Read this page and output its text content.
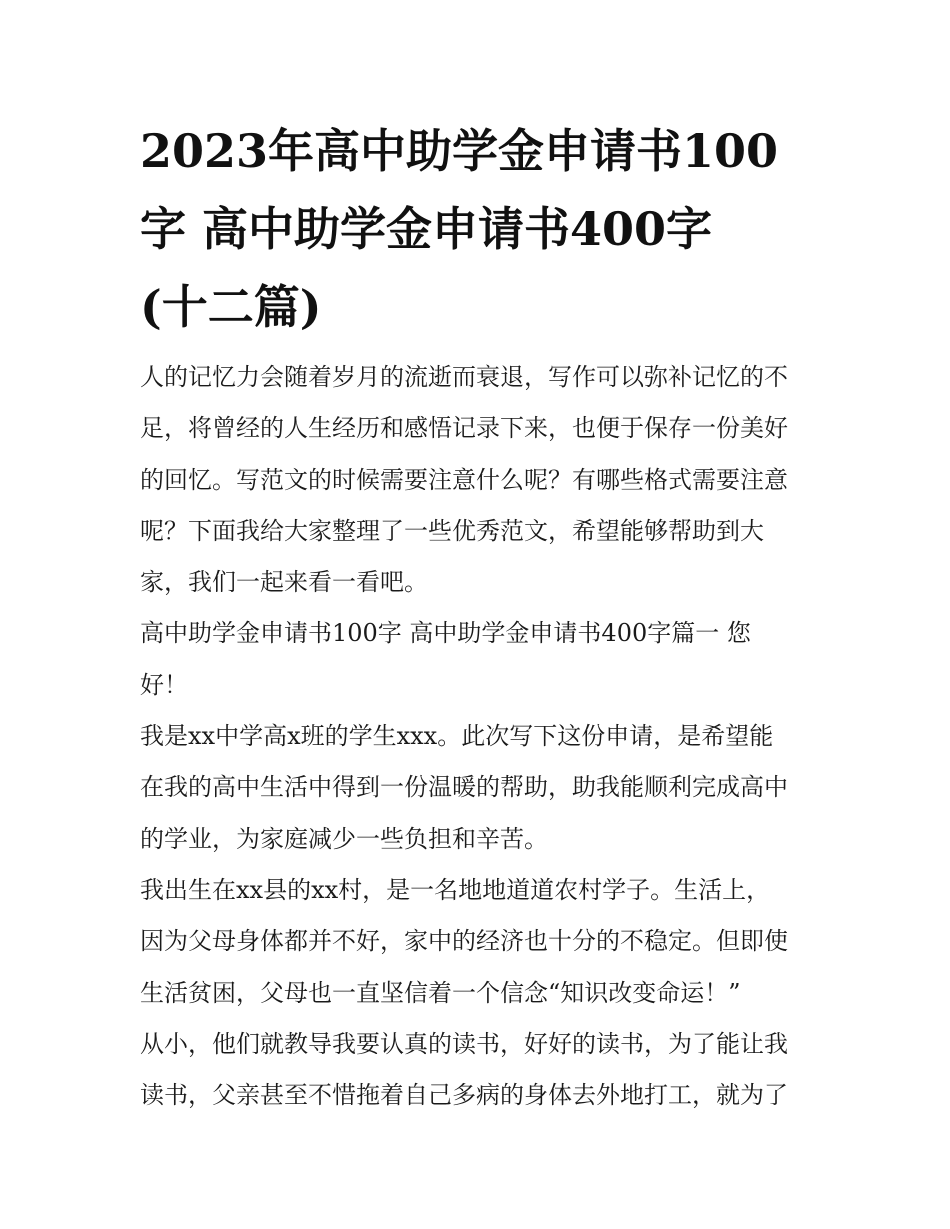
2023年高中助学金申请书100
字 高中助学金申请书400字
(十二篇)
人的记忆力会随着岁月的流逝而衰退，写作可以弥补记忆的不
足，将曾经的人生经历和感悟记录下来，也便于保存一份美好
的回忆。写范文的时候需要注意什么呢？有哪些格式需要注意
呢？下面我给大家整理了一些优秀范文，希望能够帮助到大
家，我们一起来看一看吧。
高中助学金申请书100字 高中助学金申请书400字篇一 您
好！
我是xx中学高x班的学生xxx。此次写下这份申请，是希望能
在我的高中生活中得到一份温暖的帮助，助我能顺利完成高中
的学业，为家庭减少一些负担和辛苦。
我出生在xx县的xx村，是一名地地道道农村学子。生活上，
因为父母身体都并不好，家中的经济也十分的不稳定。但即使
生活贫困，父母也一直坚信着一个信念“知识改变命运！”
从小，他们就教导我要认真的读书，好好的读书，为了能让我
读书，父亲甚至不惜拖着自己多病的身体去外地打工，就为了
